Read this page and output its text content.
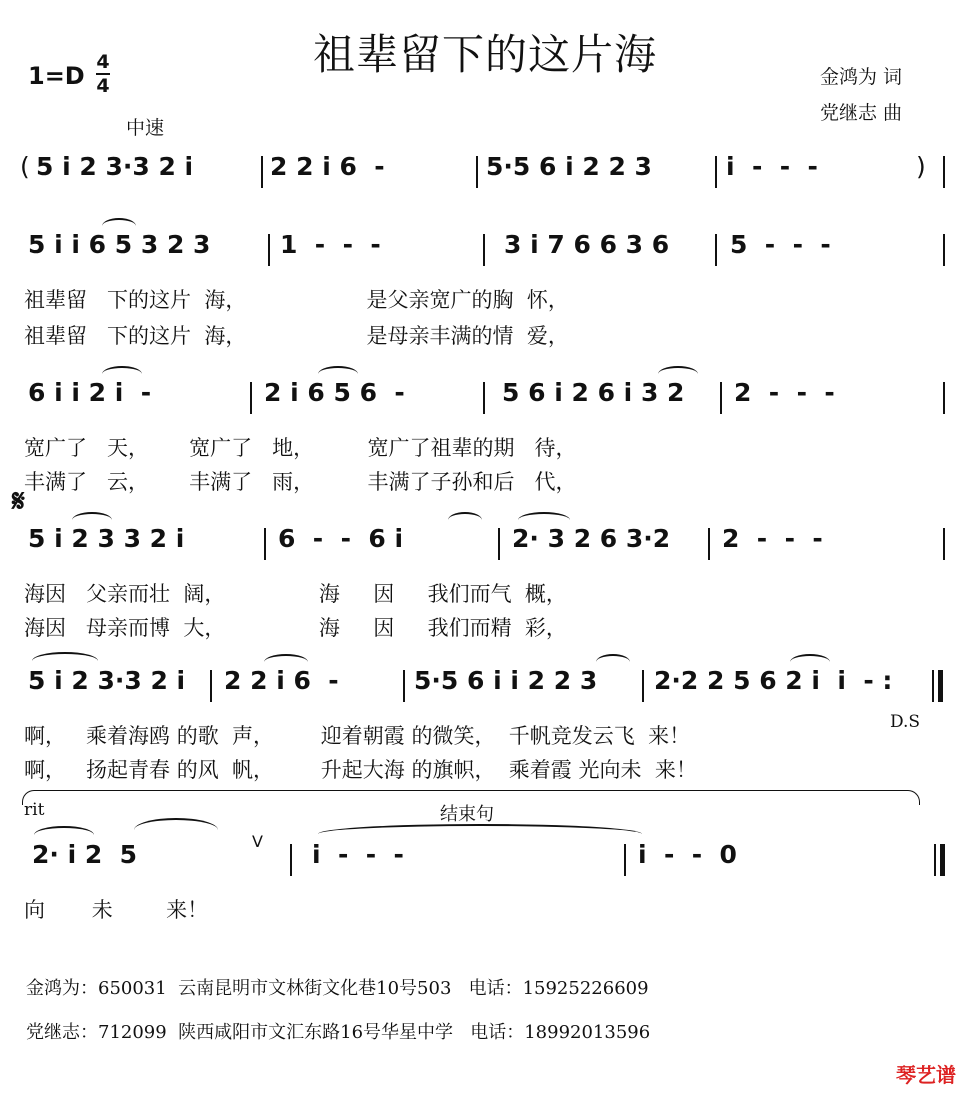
祖辈留下的这片海
1=D 4
4	金鸿为 词
党继志 曲
中速
( 5 i 2 3·3 2 i	2 2 i 6  -	5·5 6 i 2 2 3	i  -  -  -	)
5 i i 6 5 3 2 3	1  -  -  -	3 i 7 6 6 3 6 5  -  -  -
祖辈留   下的这片  海，                  是父亲宽广的胸  怀，
祖辈留   下的这片  海，                  是母亲丰满的情  爱，
6 i i 2 i  -	2 i 6 5 6  -	5 6 i 2 6 i 3 2 2  -  -  -
宽广了   天，      宽广了   地，        宽广了祖辈的期   待，
丰满了   云，      丰满了   雨，        丰满了子孙和后   代，
𝄋
5 i 2 3 3 2 i	6  -  -  6 i	2· 3 2 6 3·2 2  -  -  -
海因   父亲而壮  阔，              海     因     我们而气  概，
海因   母亲而博  大，              海     因     我们而精  彩，
5 i 2 3·3 2 i 2 2 i 6  -	5·5 6 i i 2 2 3 2·2 2 5 6 2 i  i  - :
D.S
啊，   乘着海鸥 的歌  声，       迎着朝霞 的微笑，  千帆竞发云飞  来！
啊，   扬起青春 的风  帆，       升起大海 的旗帜，  乘着霞 光向未  来！
rit	结束句
2· i 2  5	V i  -  -  -	i  -  -  0
向       未        来！
金鸿为：650031  云南昆明市文林街文化巷10号503   电话：15925226609
党继志：712099  陕西咸阳市文汇东路16号华星中学   电话：18992013596
琴艺谱
